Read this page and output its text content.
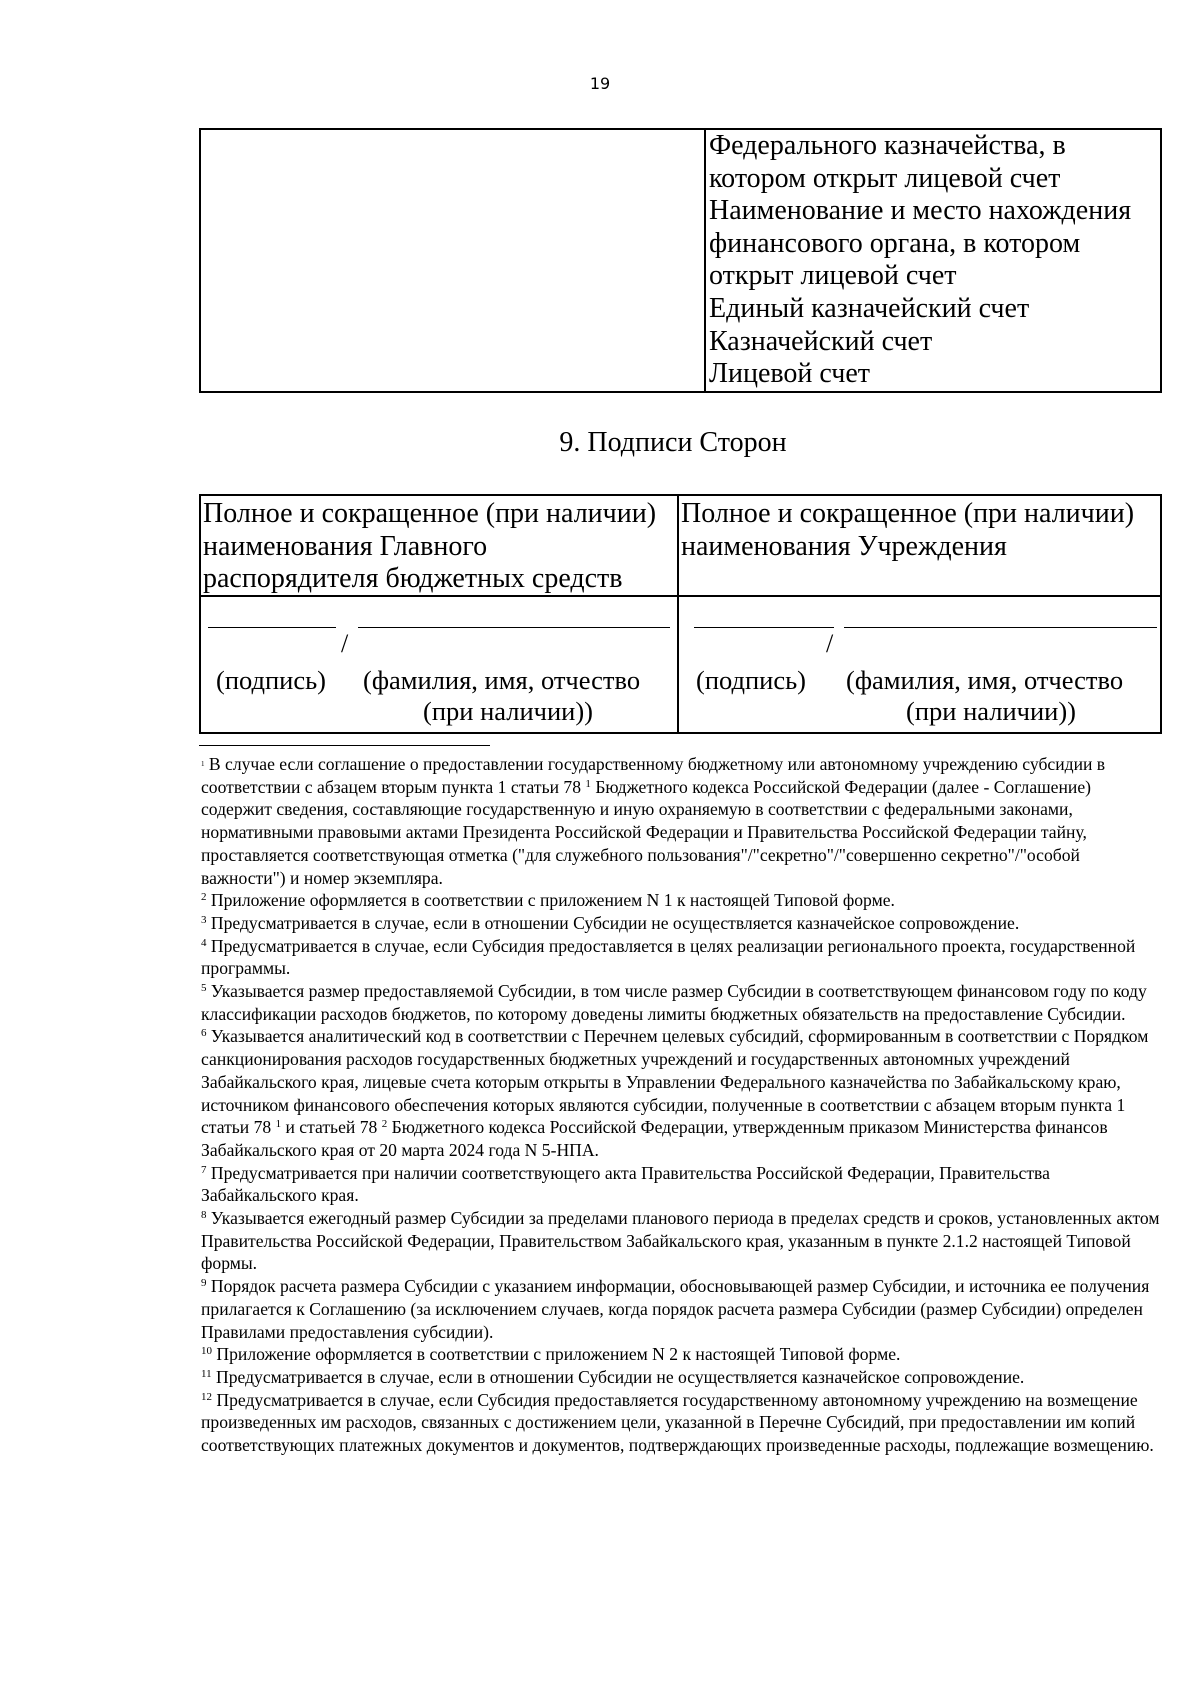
19
Федерального казначейства, в
котором открыт лицевой счет
Наименование и место нахождения
финансового органа, в котором
открыт лицевой счет
Единый казначейский счет
Казначейский счет
Лицевой счет
9. Подписи Сторон
Полное и сокращенное (при наличии)
наименования Главного
распорядителя бюджетных средств
Полное и сокращенное (при наличии)
наименования Учреждения
/
(подпись) (фамилия, имя, отчество
(при наличии))
/
(подпись) (фамилия, имя, отчество
(при наличии))

$^1$ В случае если соглашение о предоставлении государственному бюджетному или автономному учреждению субсидии в соответствии с абзацем вторым пункта 1 статьи 78 $^1$ Бюджетного кодекса Российской Федерации (далее - Соглашение) содержит сведения, составляющие государственную и иную охраняемую в соответствии с федеральными законами, нормативными правовыми актами Президента Российской Федерации и Правительства Российской Федерации тайну, проставляется соответствующая отметка ("для служебного пользования"/"секретно"/"совершенно секретно"/"особой важности") и номер экземпляра.

$^2$ Приложение оформляется в соответствии с приложением N 1 к настоящей Типовой форме.

$^3$ Предусматривается в случае, если в отношении Субсидии не осуществляется казначейское сопровождение.

$^4$ Предусматривается в случае, если Субсидия предоставляется в целях реализации регионального проекта, государственной программы.

$^5$ Указывается размер предоставляемой Субсидии, в том числе размер Субсидии в соответствующем финансовом году по коду классификации расходов бюджетов, по которому доведены лимиты бюджетных обязательств на предоставление Субсидии.

$^6$ Указывается аналитический код в соответствии с Перечнем целевых субсидий, сформированным в соответствии с Порядком санкционирования расходов государственных бюджетных учреждений и государственных автономных учреждений Забайкальского края, лицевые счета которым открыты в Управлении Федерального казначейства по Забайкальскому краю, источником финансового обеспечения которых являются субсидии, полученные в соответствии с абзацем вторым пункта 1 статьи 78 $^1$ и статьей 78 $^2$ Бюджетного кодекса Российской Федерации, утвержденным приказом Министерства финансов Забайкальского края от 20 марта 2024 года N 5-НПА.

$^7$ Предусматривается при наличии соответствующего акта Правительства Российской Федерации, Правительства Забайкальского края.

$^8$ Указывается ежегодный размер Субсидии за пределами планового периода в пределах средств и сроков, установленных актом Правительства Российской Федерации, Правительством Забайкальского края, указанным в пункте 2.1.2 настоящей Типовой формы.

$^9$ Порядок расчета размера Субсидии с указанием информации, обосновывающей размер Субсидии, и источника ее получения прилагается к Соглашению (за исключением случаев, когда порядок расчета размера Субсидии (размер Субсидии) определен Правилами предоставления субсидии).

$^{10}$ Приложение оформляется в соответствии с приложением N 2 к настоящей Типовой форме.

$^{11}$ Предусматривается в случае, если в отношении Субсидии не осуществляется казначейское сопровождение.

$^{12}$ Предусматривается в случае, если Субсидия предоставляется государственному автономному учреждению на возмещение произведенных им расходов, связанных с достижением цели, указанной в Перечне Субсидий, при предоставлении им копий соответствующих платежных документов и документов, подтверждающих произведенные расходы, подлежащие возмещению.
